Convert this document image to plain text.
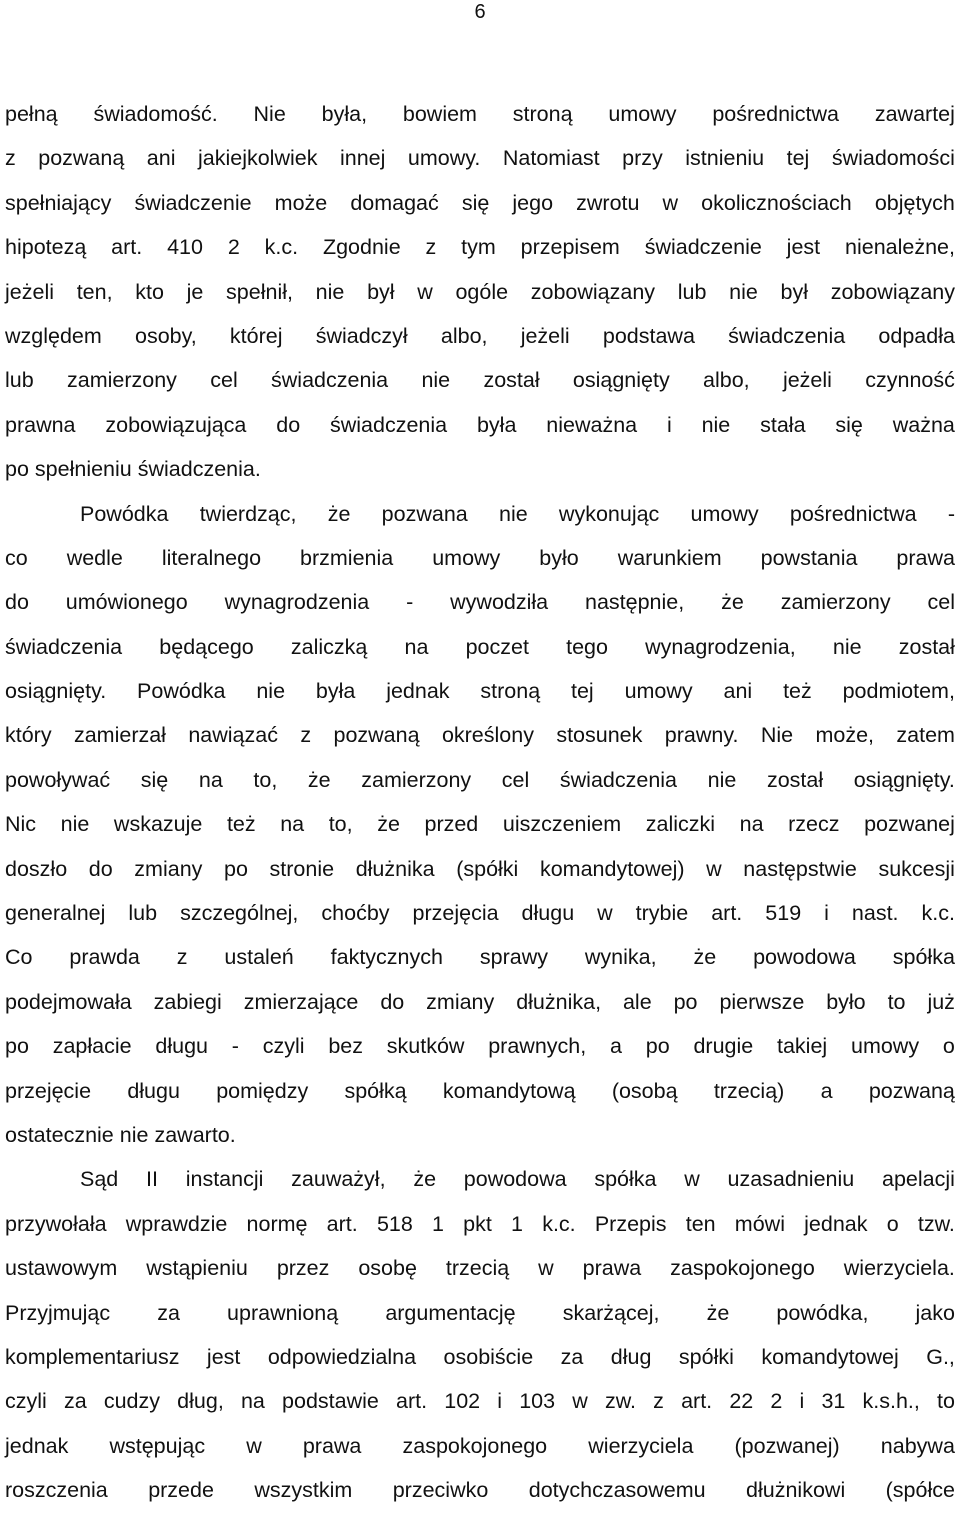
6
pełną świadomość. Nie była, bowiem stroną umowy pośrednictwa zawartej
z pozwaną ani jakiejkolwiek innej umowy. Natomiast przy istnieniu tej świadomości
spełniający świadczenie może domagać się jego zwrotu w okolicznościach objętych
hipotezą art. 410 2 k.c. Zgodnie z tym przepisem świadczenie jest nienależne,
jeżeli ten, kto je spełnił, nie był w ogóle zobowiązany lub nie był zobowiązany
względem osoby, której świadczył albo, jeżeli podstawa świadczenia odpadła
lub zamierzony cel świadczenia nie został osiągnięty albo, jeżeli czynność
prawna zobowiązująca do świadczenia była nieważna i nie stała się ważna
po spełnieniu świadczenia.
Powódka twierdząc, że pozwana nie wykonując umowy pośrednictwa -
co wedle literalnego brzmienia umowy było warunkiem powstania prawa
do umówionego wynagrodzenia - wywodziła następnie, że zamierzony cel
świadczenia będącego zaliczką na poczet tego wynagrodzenia, nie został
osiągnięty. Powódka nie była jednak stroną tej umowy ani też podmiotem,
który zamierzał nawiązać z pozwaną określony stosunek prawny. Nie może, zatem
powoływać się na to, że zamierzony cel świadczenia nie został osiągnięty.
Nic nie wskazuje też na to, że przed uiszczeniem zaliczki na rzecz pozwanej
doszło do zmiany po stronie dłużnika (spółki komandytowej) w następstwie sukcesji
generalnej lub szczególnej, choćby przejęcia długu w trybie art. 519 i nast. k.c.
Co prawda z ustaleń faktycznych sprawy wynika, że powodowa spółka
podejmowała zabiegi zmierzające do zmiany dłużnika, ale po pierwsze było to już
po zapłacie długu - czyli bez skutków prawnych, a po drugie takiej umowy o
przejęcie długu pomiędzy spółką komandytową (osobą trzecią) a pozwaną
ostatecznie nie zawarto.
Sąd II instancji zauważył, że powodowa spółka w uzasadnieniu apelacji
przywołała wprawdzie normę art. 518 1 pkt 1 k.c. Przepis ten mówi jednak o tzw.
ustawowym wstąpieniu przez osobę trzecią w prawa zaspokojonego wierzyciela.
Przyjmując za uprawnioną argumentację skarżącej, że powódka, jako
komplementariusz jest odpowiedzialna osobiście za dług spółki komandytowej G.,
czyli za cudzy dług, na podstawie art. 102 i 103 w zw. z art. 22 2 i 31 k.s.h., to
jednak wstępując w prawa zaspokojonego wierzyciela (pozwanej) nabywa
roszczenia przede wszystkim przeciwko dotychczasowemu dłużnikowi (spółce
